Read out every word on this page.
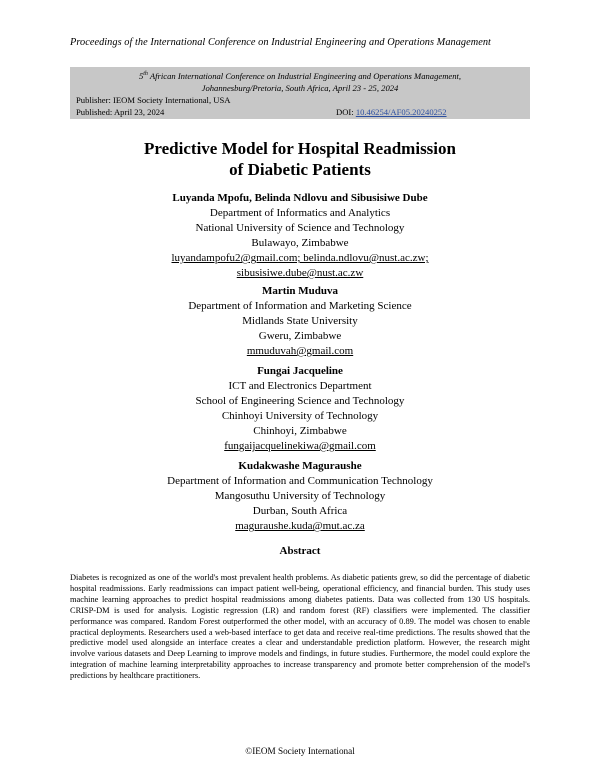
Proceedings of the International Conference on Industrial Engineering and Operations Management
5th African International Conference on Industrial Engineering and Operations Management,
Johannesburg/Pretoria, South Africa, April 23 - 25, 2024
Publisher: IEOM Society International, USA
Published: April 23, 2024	DOI: 10.46254/AF05.20240252
Predictive Model for Hospital Readmission
of Diabetic Patients
Luyanda Mpofu, Belinda Ndlovu and Sibusisiwe Dube
Department of Informatics and Analytics
National University of Science and Technology
Bulawayo, Zimbabwe
luyandampofu2@gmail.com; belinda.ndlovu@nust.ac.zw;
sibusisiwe.dube@nust.ac.zw
Martin Muduva
Department of Information and Marketing Science
Midlands State University
Gweru, Zimbabwe
mmuduvah@gmail.com
Fungai Jacqueline
ICT and Electronics Department
School of Engineering Science and Technology
Chinhoyi University of Technology
Chinhoyi, Zimbabwe
fungaijacquelinekiwa@gmail.com
Kudakwashe Maguraushe
Department of Information and Communication Technology
Mangosuthu University of Technology
Durban, South Africa
maguraushe.kuda@mut.ac.za
Abstract
Diabetes is recognized as one of the world's most prevalent health problems. As diabetic patients grew, so did the percentage of diabetic hospital readmissions. Early readmissions can impact patient well-being, operational efficiency, and financial burden. This study uses machine learning approaches to predict hospital readmissions among diabetes patients. Data was collected from 130 US hospitals. CRISP-DM is used for analysis. Logistic regression (LR) and random forest (RF) classifiers were implemented. The classifier performance was compared. Random Forest outperformed the other model, with an accuracy of 0.89. The model was chosen to enable practical deployments. Researchers used a web-based interface to get data and receive real-time predictions. The results showed that the predictive model used alongside an interface creates a clear and understandable prediction platform. However, the research might involve various datasets and Deep Learning to improve models and findings, in future studies. Furthermore, the model could explore the integration of machine learning interpretability approaches to increase transparency and promote better comprehension of the model's predictions by healthcare practitioners.
©IEOM Society International
